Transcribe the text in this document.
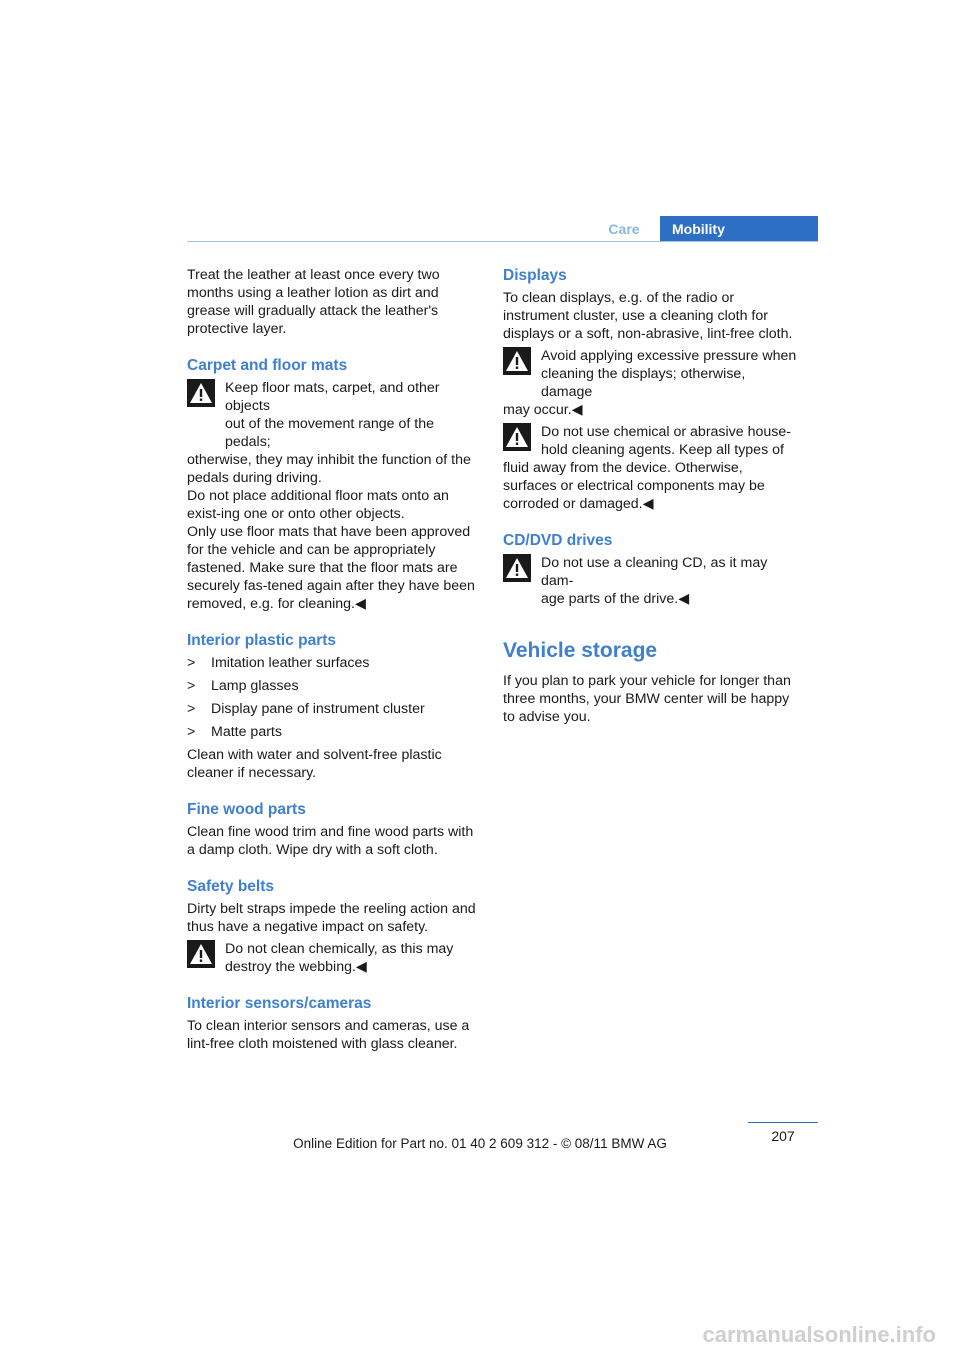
Care	Mobility

Treat the leather at least once every two months using a leather lotion as dirt and grease will gradually attack the leather's protective layer.

Carpet and floor mats
Keep floor mats, carpet, and other objects
out of the movement range of the pedals;
otherwise, they may inhibit the function of the pedals during driving.

Do not place additional floor mats onto an exist-ing one or onto other objects.

Only use floor mats that have been approved for the vehicle and can be appropriately fastened. Make sure that the floor mats are securely fas-tened again after they have been removed, e.g. for cleaning.◀

Interior plastic parts
> Imitation leather surfaces
> Lamp glasses
> Display pane of instrument cluster
> Matte parts

Clean with water and solvent-free plastic cleaner if necessary.

Fine wood parts

Clean fine wood trim and fine wood parts with a damp cloth. Wipe dry with a soft cloth.

Safety belts

Dirty belt straps impede the reeling action and thus have a negative impact on safety.

Do not clean chemically, as this may
destroy the webbing.◀
Interior sensors/cameras

To clean interior sensors and cameras, use a lint-free cloth moistened with glass cleaner.

Displays

To clean displays, e.g. of the radio or instrument cluster, use a cleaning cloth for displays or a soft, non-abrasive, lint-free cloth.

Avoid applying excessive pressure when
cleaning the displays; otherwise, damage
may occur.◀
Do not use chemical or abrasive house-
hold cleaning agents. Keep all types of
fluid away from the device. Otherwise, surfaces or electrical components may be corroded or damaged.◀
CD/DVD drives
Do not use a cleaning CD, as it may dam-
age parts of the drive.◀
Vehicle storage

If you plan to park your vehicle for longer than three months, your BMW center will be happy to advise you.

207
Online Edition for Part no. 01 40 2 609 312 - © 08/11 BMW AG
carmanualsonline.info
